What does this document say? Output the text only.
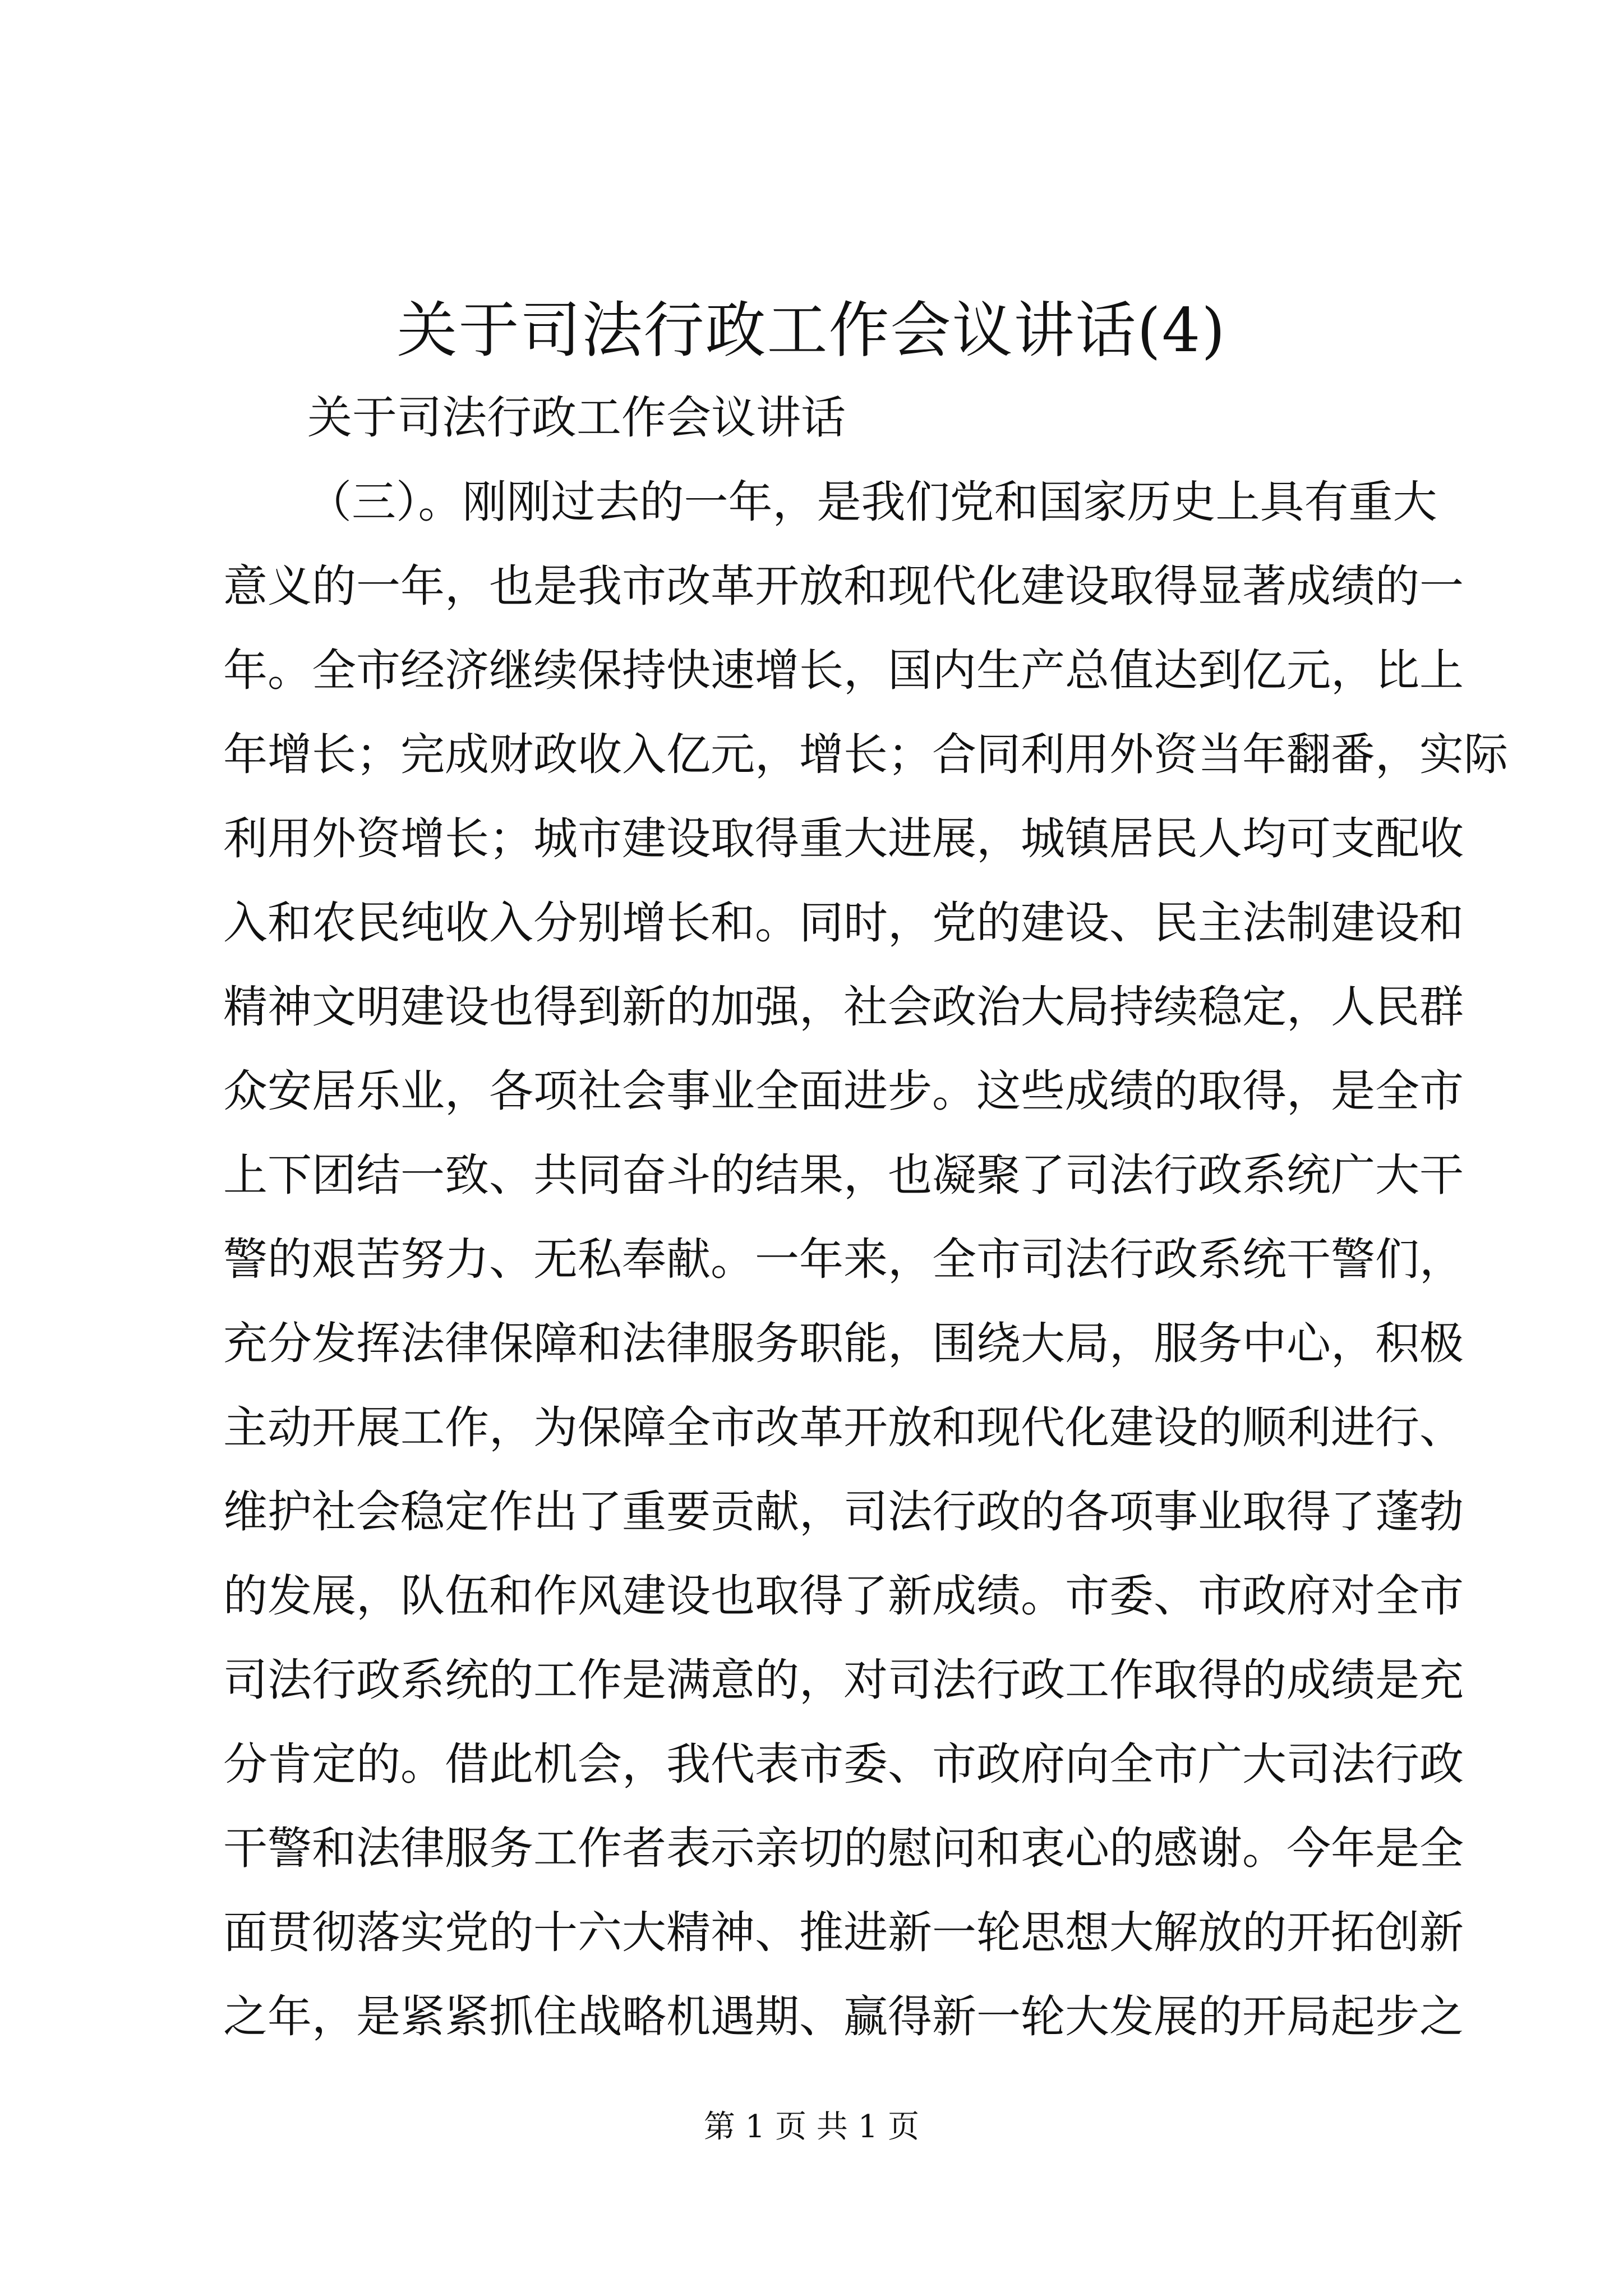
关于司法行政工作会议讲话(4)
关于司法行政工作会议讲话
（三）。刚刚过去的一年，是我们党和国家历史上具有重大
意义的一年，也是我市改革开放和现代化建设取得显著成绩的一
年。全市经济继续保持快速增长，国内生产总值达到亿元，比上
年增长；完成财政收入亿元，增长；合同利用外资当年翻番，实际
利用外资增长；城市建设取得重大进展，城镇居民人均可支配收
入和农民纯收入分别增长和。同时，党的建设、民主法制建设和
精神文明建设也得到新的加强，社会政治大局持续稳定，人民群
众安居乐业，各项社会事业全面进步。这些成绩的取得，是全市
上下团结一致、共同奋斗的结果，也凝聚了司法行政系统广大干
警的艰苦努力、无私奉献。一年来，全市司法行政系统干警们，
充分发挥法律保障和法律服务职能，围绕大局，服务中心，积极
主动开展工作，为保障全市改革开放和现代化建设的顺利进行、
维护社会稳定作出了重要贡献，司法行政的各项事业取得了蓬勃
的发展，队伍和作风建设也取得了新成绩。市委、市政府对全市
司法行政系统的工作是满意的，对司法行政工作取得的成绩是充
分肯定的。借此机会，我代表市委、市政府向全市广大司法行政
干警和法律服务工作者表示亲切的慰问和衷心的感谢。今年是全
面贯彻落实党的十六大精神、推进新一轮思想大解放的开拓创新
之年，是紧紧抓住战略机遇期、赢得新一轮大发展的开局起步之
第 1 页 共 1 页
